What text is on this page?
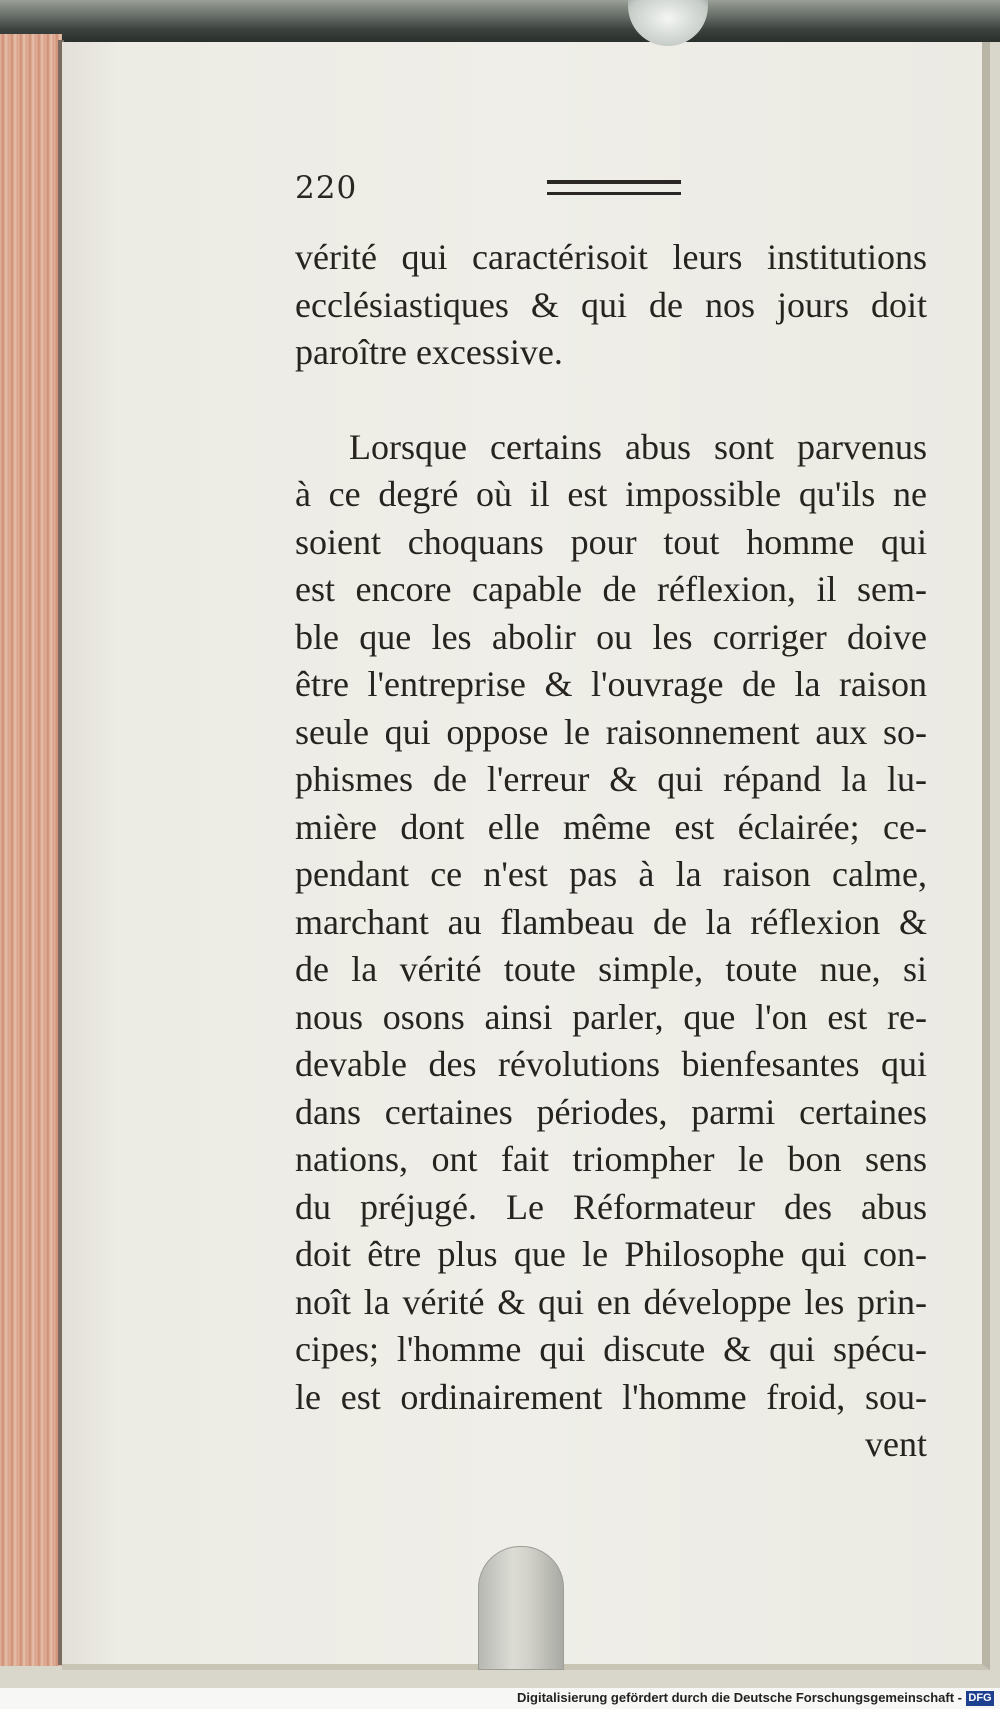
220
vérité qui caractérisoit leurs institutions
ecclésiastiques & qui de nos jours doit
paroître excessive.
Lorsque certains abus sont parvenus
à ce degré où il est impossible qu'ils ne
soient choquans pour tout homme qui
est encore capable de réflexion, il sem-
ble que les abolir ou les corriger doive
être l'entreprise & l'ouvrage de la raison
seule qui oppose le raisonnement aux so-
phismes de l'erreur & qui répand la lu-
mière dont elle même est éclairée; ce-
pendant ce n'est pas à la raison calme,
marchant au flambeau de la réflexion &
de la vérité toute simple, toute nue, si
nous osons ainsi parler, que l'on est re-
devable des révolutions bienfesantes qui
dans certaines périodes, parmi certaines
nations, ont fait triompher le bon sens
du préjugé. Le Réformateur des abus
doit être plus que le Philosophe qui con-
noît la vérité & qui en développe les prin-
cipes; l'homme qui discute & qui spécu-
le est ordinairement l'homme froid, sou-
vent
Digitalisierung gefördert durch die Deutsche Forschungsgemeinschaft - DFG
